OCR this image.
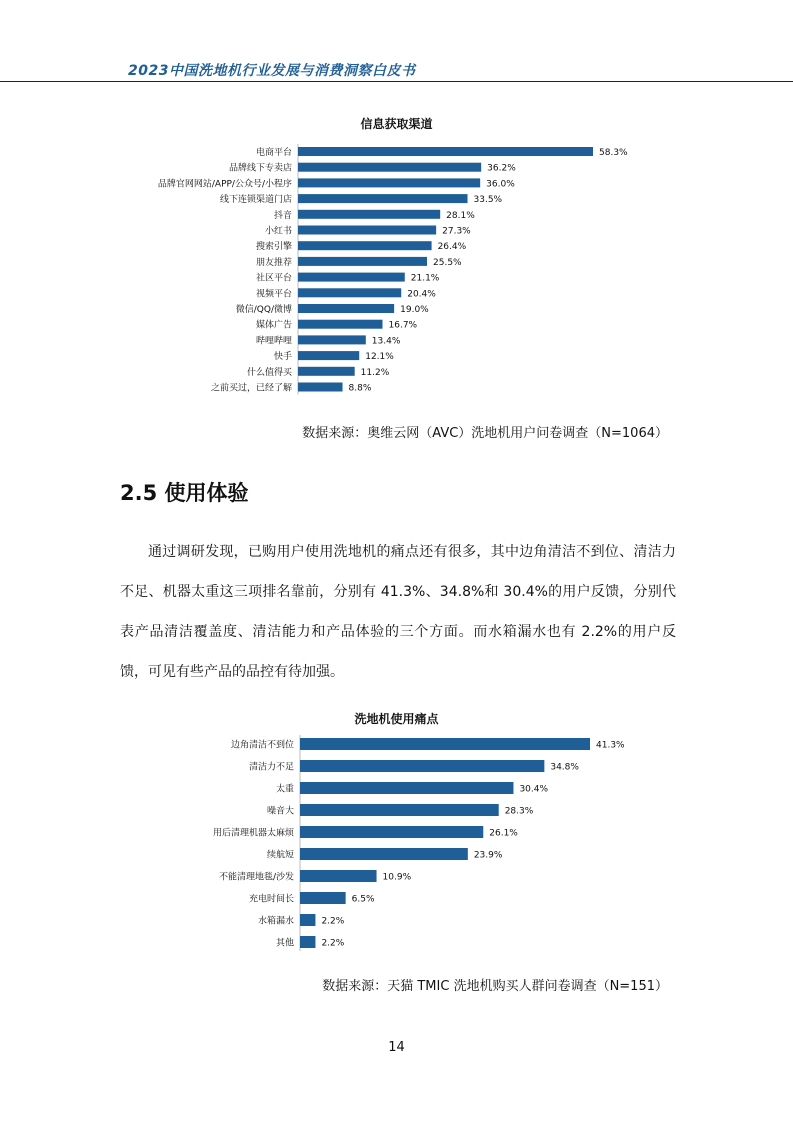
2023中国洗地机行业发展与消费洞察白皮书
信息获取渠道
电商平台	58.3%
品牌线下专卖店	36.2%
品牌官网网站/APP/公众号/小程序	36.0%
线下连锁渠道门店	33.5%
抖音	28.1%
小红书	27.3%
搜索引擎	26.4%
朋友推荐	25.5%
社区平台	21.1%
视频平台	20.4%
微信/QQ/微博	19.0%
媒体广告	16.7%
哔哩哔哩	13.4%
快手	12.1%
什么值得买	11.2%
之前买过，已经了解	8.8%
数据来源：奥维云网（AVC）洗地机用户问卷调查（N=1064）
2.5 使用体验

通过调研发现，已购用户使用洗地机的痛点还有很多，其中边角清洁不到位、清洁力不足、机器太重这三项排名靠前，分别有 41.3%、34.8%和 30.4%的用户反馈，分别代表产品清洁覆盖度、清洁能力和产品体验的三个方面。而水箱漏水也有 2.2%的用户反馈，可见有些产品的品控有待加强。

洗地机使用痛点
边角清洁不到位	41.3%
清洁力不足	34.8%
太重	30.4%
噪音大	28.3%
用后清理机器太麻烦	26.1%
续航短	23.9%
不能清理地毯/沙发	10.9%
充电时间长	6.5%
水箱漏水	2.2%
其他	2.2%
数据来源：天猫 TMIC 洗地机购买人群问卷调查（N=151）
14
